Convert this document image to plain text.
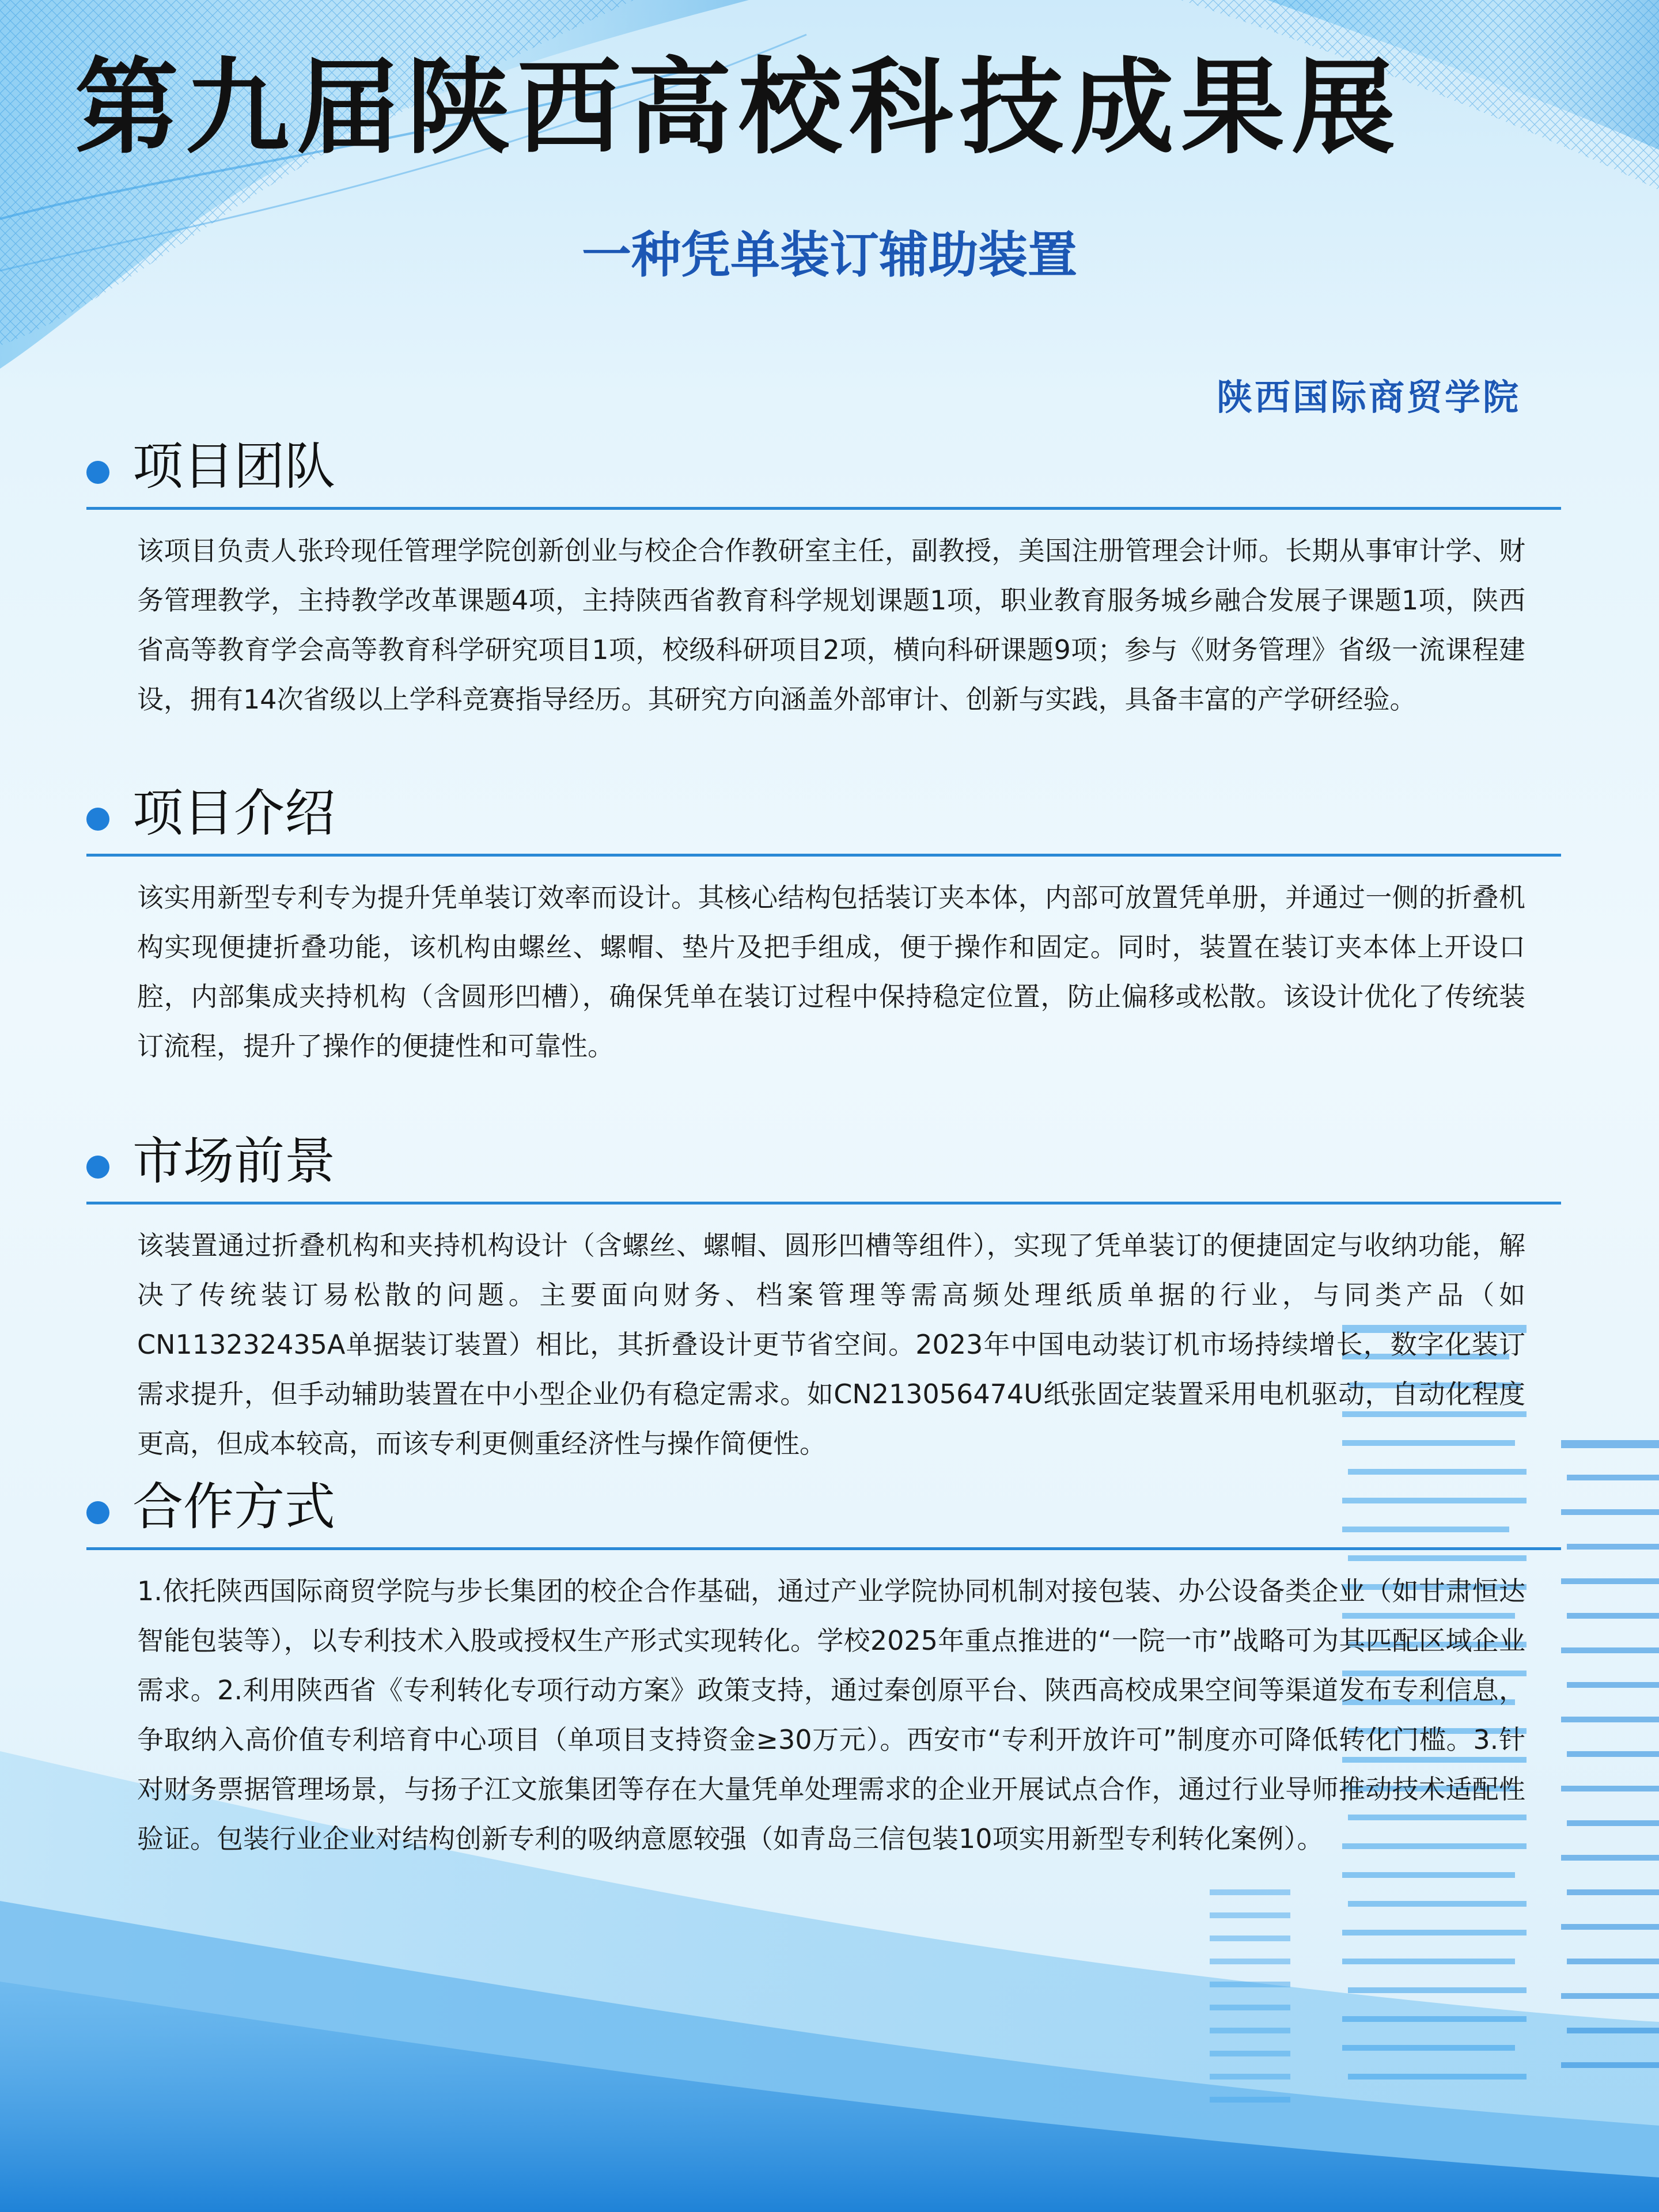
第九届陕西高校科技成果展
一种凭单装订辅助装置
陕西国际商贸学院
项目团队
该项目负责人张玲现任管理学院创新创业与校企合作教研室主任，副教授，美国注册管理会计师。长期从事审计学、财务管理教学，主持教学改革课题4项，主持陕西省教育科学规划课题1项，职业教育服务城乡融合发展子课题1项，陕西省高等教育学会高等教育科学研究项目1项，校级科研项目2项，横向科研课题9项；参与《财务管理》省级一流课程建设，拥有14次省级以上学科竞赛指导经历。其研究方向涵盖外部审计、创新与实践，具备丰富的产学研经验。
项目介绍
该实用新型专利专为提升凭单装订效率而设计。其核心结构包括装订夹本体，内部可放置凭单册，并通过一侧的折叠机构实现便捷折叠功能，该机构由螺丝、螺帽、垫片及把手组成，便于操作和固定。同时，装置在装订夹本体上开设口腔，内部集成夹持机构（含圆形凹槽），确保凭单在装订过程中保持稳定位置，防止偏移或松散。该设计优化了传统装订流程，提升了操作的便捷性和可靠性。
市场前景
该装置通过折叠机构和夹持机构设计（含螺丝、螺帽、圆形凹槽等组件），实现了凭单装订的便捷固定与收纳功能，解决了传统装订易松散的问题。主要面向财务、档案管理等需高频处理纸质单据的行业，与同类产品（如CN113232435A单据装订装置）相比，其折叠设计更节省空间。2023年中国电动装订机市场持续增长，数字化装订需求提升，但手动辅助装置在中小型企业仍有稳定需求。如CN213056474U纸张固定装置采用电机驱动，自动化程度更高，但成本较高，而该专利更侧重经济性与操作简便性。
合作方式
1.依托陕西国际商贸学院与步长集团的校企合作基础，通过产业学院协同机制对接包装、办公设备类企业（如甘肃恒达智能包装等），以专利技术入股或授权生产形式实现转化。学校2025年重点推进的“一院一市”战略可为其匹配区域企业需求。2.利用陕西省《专利转化专项行动方案》政策支持，通过秦创原平台、陕西高校成果空间等渠道发布专利信息，争取纳入高价值专利培育中心项目（单项目支持资金≥30万元）。西安市“专利开放许可”制度亦可降低转化门槛。3.针对财务票据管理场景，与扬子江文旅集团等存在大量凭单处理需求的企业开展试点合作，通过行业导师推动技术适配性验证。包装行业企业对结构创新专利的吸纳意愿较强（如青岛三信包装10项实用新型专利转化案例）。
